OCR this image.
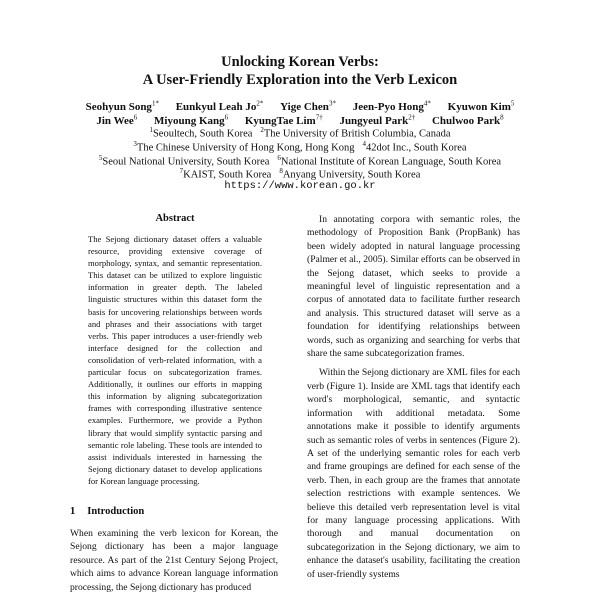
Unlocking Korean Verbs:
A User-Friendly Exploration into the Verb Lexicon
Seohyun Song$^{1*}$ Eunkyul Leah $Jo^{2*}$ Yige Chen$^{3*}$ Jeen-Pyo Hong$^{4*}$ Kyuwon Kim$^5$
Jin Wee$^6$ Miyoung Kang$^6$ KyungTae Lim$^{7\dagger}$ Jungyeul Park$^{2\dagger}$ Chulwoo Park$^8$
$^1$Seoultech, South Korea $^2$The University of British Columbia, Canada
$^3$The Chinese University of Hong Kong, Hong Kong $^4$42dot Inc., South Korea
$^5$Seoul National University, South Korea $^6$National Institute of Korean Language, South Korea
$^7$KAIST, South Korea $^8$Anyang University, South Korea
https://www.korean.go.kr
Abstract

The Sejong dictionary dataset offers a valuable resource, providing extensive coverage of morphology, syntax, and semantic representation. This dataset can be utilized to explore linguistic information in greater depth. The labeled linguistic structures within this dataset form the basis for uncovering relationships between words and phrases and their associations with target verbs. This paper introduces a user-friendly web interface designed for the collection and consolidation of verb-related information, with a particular focus on subcategorization frames. Additionally, it outlines our efforts in mapping this information by aligning subcategorization frames with corresponding illustrative sentence examples. Furthermore, we provide a Python library that would simplify syntactic parsing and semantic role labeling. These tools are intended to assist individuals interested in harnessing the Sejong dictionary dataset to develop applications for Korean language processing.

1 Introduction

When examining the verb lexicon for Korean, the Sejong dictionary has been a major language resource. As part of the 21st Century Sejong Project, which aims to advance Korean language information processing, the Sejong dictionary has produced

In annotating corpora with semantic roles, the methodology of Proposition Bank (PropBank) has been widely adopted in natural language processing (Palmer et al., 2005). Similar efforts can be observed in the Sejong dataset, which seeks to provide a meaningful level of linguistic representation and a corpus of annotated data to facilitate further research and analysis. This structured dataset will serve as a foundation for identifying relationships between words, such as organizing and searching for verbs that share the same subcategorization frames.

Within the Sejong dictionary are XML files for each verb (Figure 1). Inside are XML tags that identify each word's morphological, semantic, and syntactic information with additional metadata. Some annotations make it possible to identify arguments such as semantic roles of verbs in sentences (Figure 2). A set of the underlying semantic roles for each verb and frame groupings are defined for each sense of the verb. Then, in each group are the frames that annotate selection restrictions with example sentences. We believe this detailed verb representation level is vital for many language processing applications. With thorough and manual documentation on subcategorization in the Sejong dictionary, we aim to enhance the dataset's usability, facilitating the creation of user-friendly systems
